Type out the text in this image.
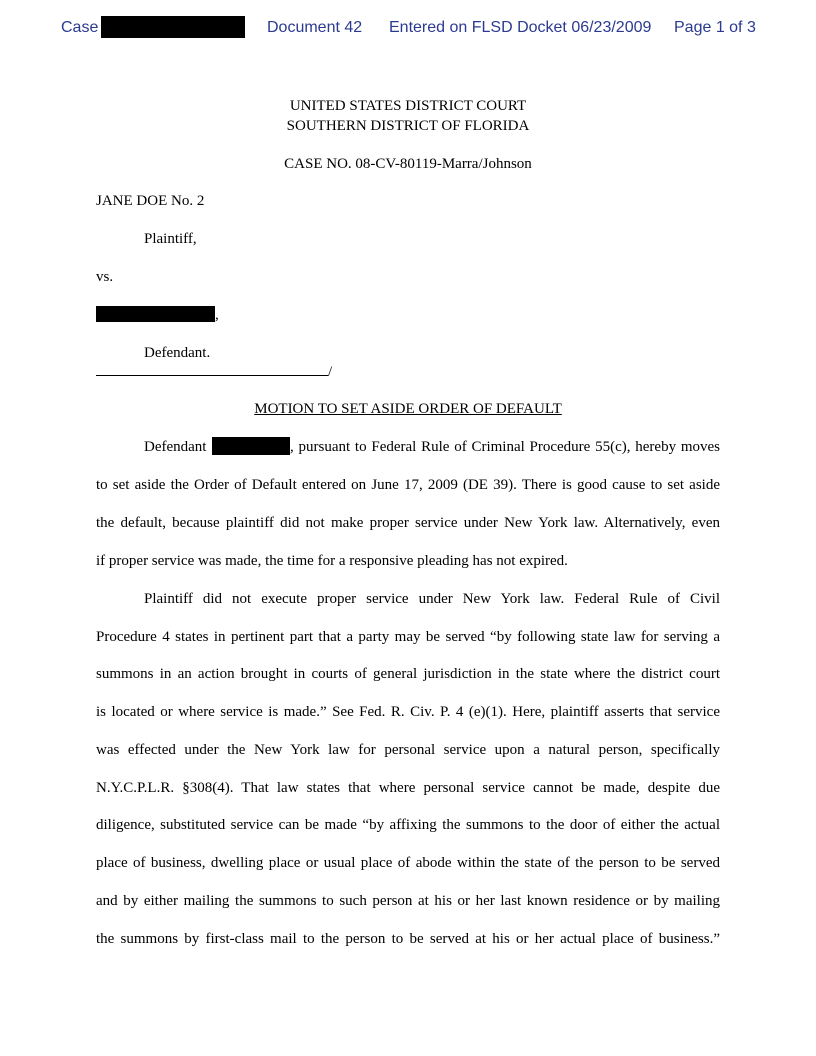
Case	Document 42 Entered on FLSD Docket 06/23/2009 Page 1 of 3
UNITED STATES DISTRICT COURT
SOUTHERN DISTRICT OF FLORIDA
CASE NO. 08-CV-80119-Marra/Johnson
JANE DOE No. 2
Plaintiff,
vs.
,
Defendant.
/
MOTION TO SET ASIDE ORDER OF DEFAULT
Defendant	, pursuant to Federal Rule of Criminal Procedure 55(c), hereby moves
to set aside the Order of Default entered on June 17, 2009 (DE 39). There is good cause to set aside
the default, because plaintiff did not make proper service under New York law. Alternatively, even
if proper service was made, the time for a responsive pleading has not expired.
Plaintiff did not execute proper service under New York law. Federal Rule of Civil
Procedure 4 states in pertinent part that a party may be served “by following state law for serving a
summons in an action brought in courts of general jurisdiction in the state where the district court
is located or where service is made.” See Fed. R. Civ. P. 4 (e)(1). Here, plaintiff asserts that service
was effected under the New York law for personal service upon a natural person, specifically
N.Y.C.P.L.R. §308(4). That law states that where personal service cannot be made, despite due
diligence, substituted service can be made “by affixing the summons to the door of either the actual
place of business, dwelling place or usual place of abode within the state of the person to be served
and by either mailing the summons to such person at his or her last known residence or by mailing
the summons by first-class mail to the person to be served at his or her actual place of business.”
